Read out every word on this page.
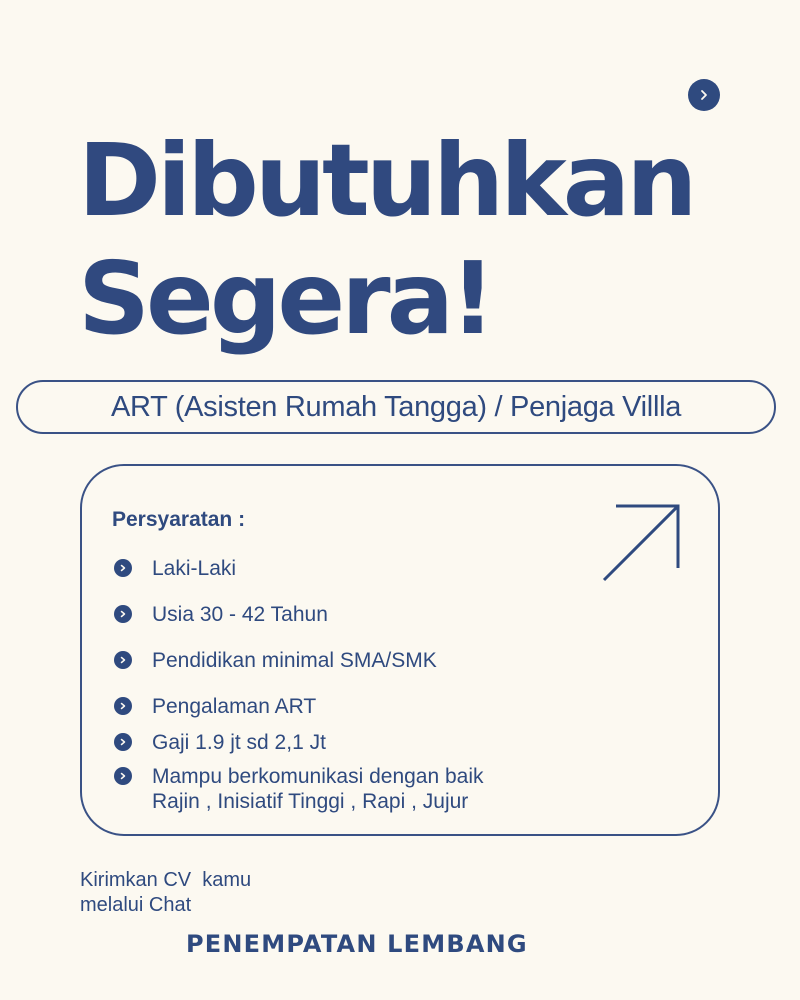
Dibutuhkan
Segera!
ART (Asisten Rumah Tangga) / Penjaga Villla
Persyaratan :
Laki-Laki
Usia 30 - 42 Tahun
Pendidikan minimal SMA/SMK
Pengalaman ART
Gaji 1.9 jt sd 2,1 Jt
Mampu berkomunikasi dengan baik
Rajin , Inisiatif Tinggi , Rapi , Jujur
Kirimkan CV  kamu
melalui Chat
PENEMPATAN LEMBANG
